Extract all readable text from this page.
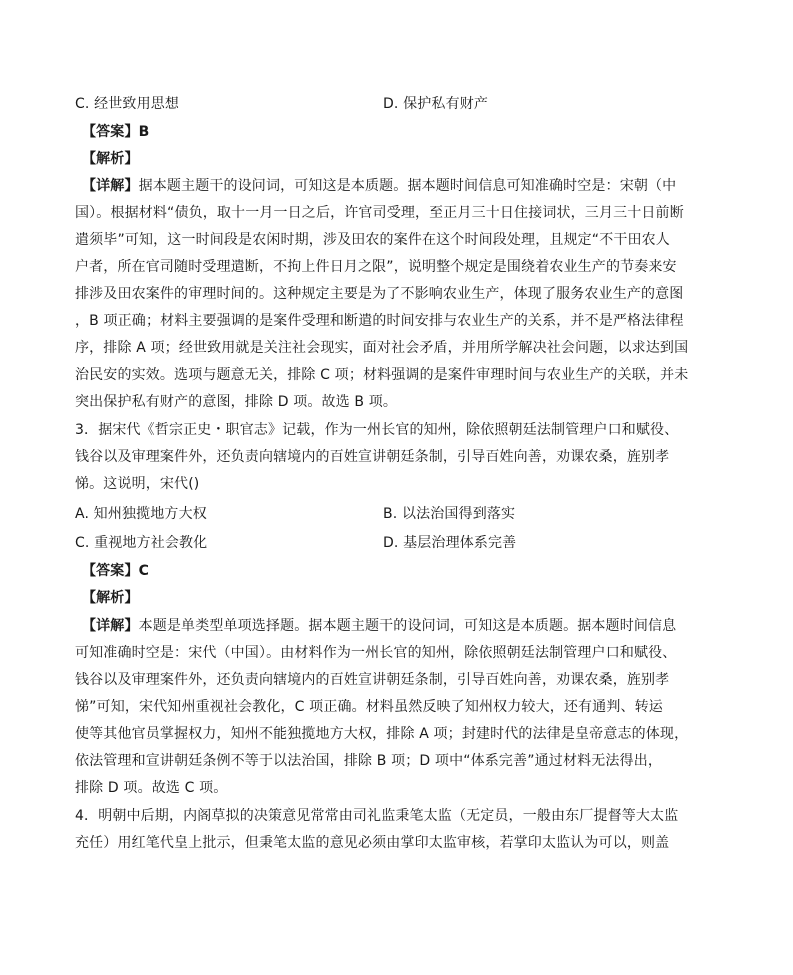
C. 经世致用思想	D. 保护私有财产
【答案】B
【解析】
【详解】据本题主题干的设问词，可知这是本质题。据本题时间信息可知准确时空是：宋朝（中
国）。根据材料“债负，取十一月一日之后，许官司受理，至正月三十日住接词状，三月三十日前断
遣须毕”可知，这一时间段是农闲时期，涉及田农的案件在这个时间段处理，且规定“不干田农人
户者，所在官司随时受理遣断，不拘上件日月之限”，说明整个规定是围绕着农业生产的节奏来安
排涉及田农案件的审理时间的。这种规定主要是为了不影响农业生产，体现了服务农业生产的意图
，B 项正确；材料主要强调的是案件受理和断遣的时间安排与农业生产的关系，并不是严格法律程
序，排除 A 项；经世致用就是关注社会现实，面对社会矛盾，并用所学解决社会问题，以求达到国
治民安的实效。选项与题意无关，排除 C 项；材料强调的是案件审理时间与农业生产的关联，并未
突出保护私有财产的意图，排除 D 项。故选 B 项。
3．据宋代《哲宗正史・职官志》记载，作为一州长官的知州，除依照朝廷法制管理户口和赋役、
钱谷以及审理案件外，还负责向辖境内的百姓宣讲朝廷条制，引导百姓向善，劝课农桑，旌别孝
悌。这说明，宋代()
A. 知州独揽地方大权	B. 以法治国得到落实
C. 重视地方社会教化	D. 基层治理体系完善
【答案】C
【解析】
【详解】本题是单类型单项选择题。据本题主题干的设问词，可知这是本质题。据本题时间信息
可知准确时空是：宋代（中国）。由材料作为一州长官的知州，除依照朝廷法制管理户口和赋役、
钱谷以及审理案件外，还负责向辖境内的百姓宣讲朝廷条制，引导百姓向善，劝课农桑，旌别孝
悌”可知，宋代知州重视社会教化，C 项正确。材料虽然反映了知州权力较大，还有通判、转运
使等其他官员掌握权力，知州不能独揽地方大权，排除 A 项；封建时代的法律是皇帝意志的体现，
依法管理和宣讲朝廷条例不等于以法治国，排除 B 项；D 项中“体系完善”通过材料无法得出，
排除 D 项。故选 C 项。
4．明朝中后期，内阁草拟的决策意见常常由司礼监秉笔太监（无定员，一般由东厂提督等大太监
充任）用红笔代皇上批示，但秉笔太监的意见必须由掌印太监审核，若掌印太监认为可以，则盖
